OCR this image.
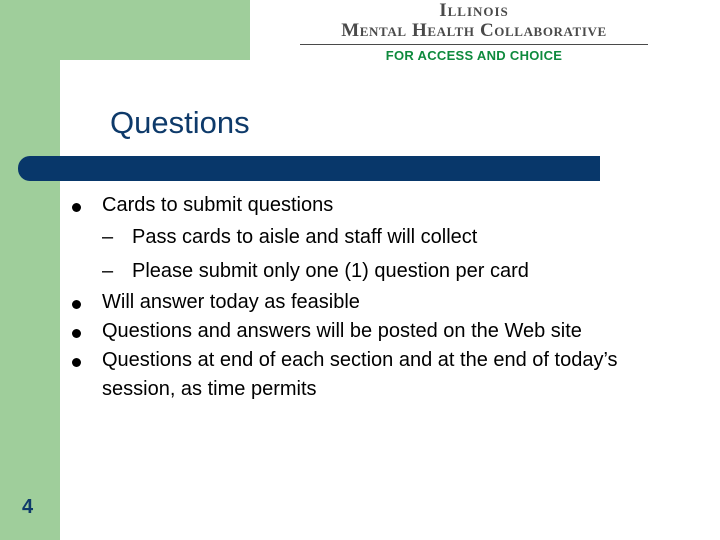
Illinois
Mental Health Collaborative
FOR ACCESS AND CHOICE
Questions
Cards to submit questions
– Pass cards to aisle and staff will collect
– Please submit only one (1) question per card
Will answer today as feasible
Questions and answers will be posted on the Web site
Questions at end of each section and at the end of today’s session, as time permits
4
